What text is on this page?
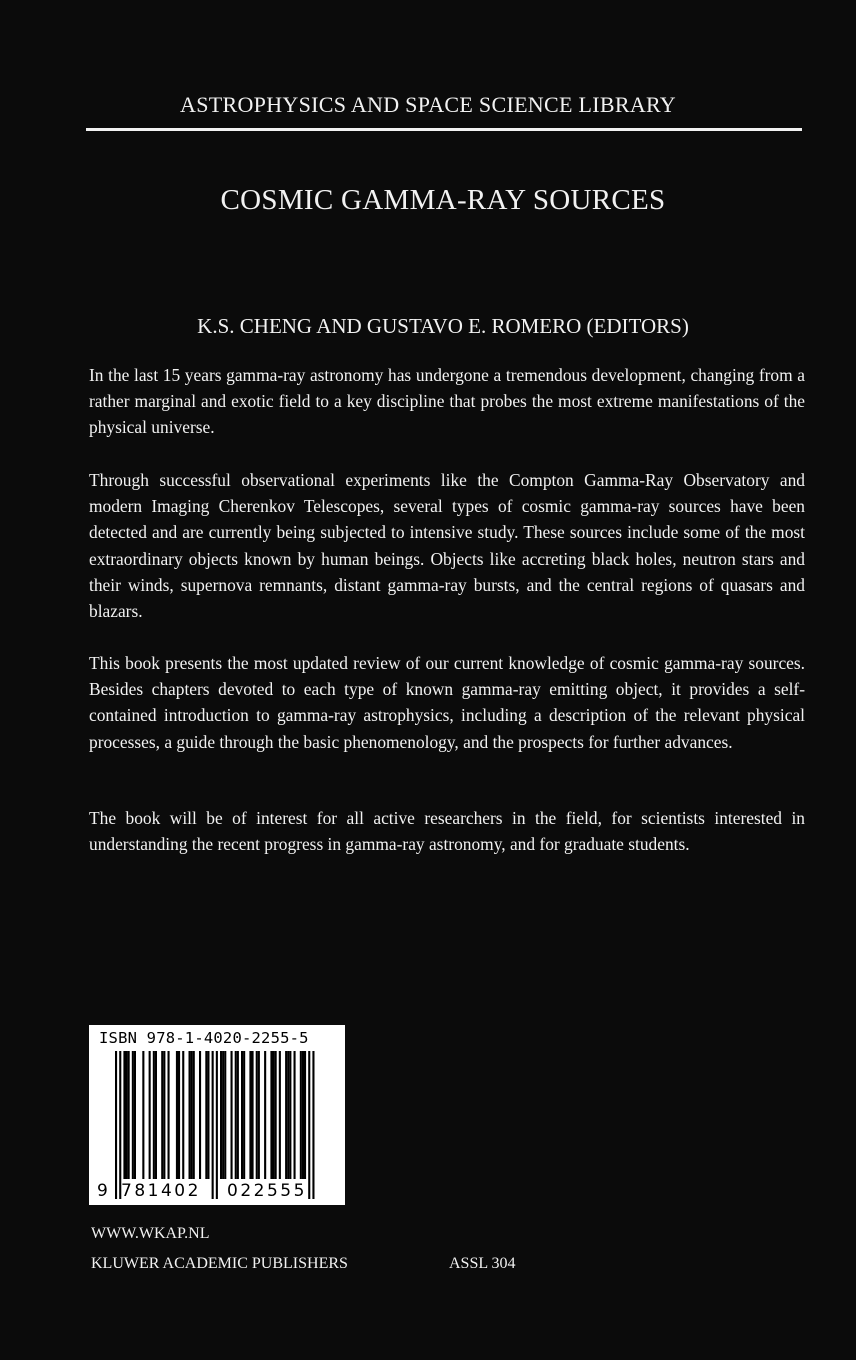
ASTROPHYSICS AND SPACE SCIENCE LIBRARY
COSMIC GAMMA-RAY SOURCES
K.S. CHENG AND GUSTAVO E. ROMERO (EDITORS)

In the last 15 years gamma-ray astronomy has undergone a tremendous development, changing from a rather marginal and exotic field to a key discipline that probes the most extreme manifestations of the physical universe.

Through successful observational experiments like the Compton Gamma-Ray Observatory and modern Imaging Cherenkov Telescopes, several types of cosmic gamma-ray sources have been detected and are currently being subjected to intensive study. These sources include some of the most extraordinary objects known by human beings. Objects like accreting black holes, neutron stars and their winds, supernova remnants, distant gamma-ray bursts, and the central regions of quasars and blazars.

This book presents the most updated review of our current knowledge of cosmic gamma-ray sources. Besides chapters devoted to each type of known gamma-ray emitting object, it provides a self-contained introduction to gamma-ray astrophysics, including a description of the relevant physical processes, a guide through the basic phenomenology, and the prospects for further advances.

The book will be of interest for all active researchers in the field, for scientists interested in understanding the recent progress in gamma-ray astronomy, and for graduate students.

ISBN 978-1-4020-2255-5
9 781402 022555
WWW.WKAP.NL
KLUWER ACADEMIC PUBLISHERS	ASSL 304
